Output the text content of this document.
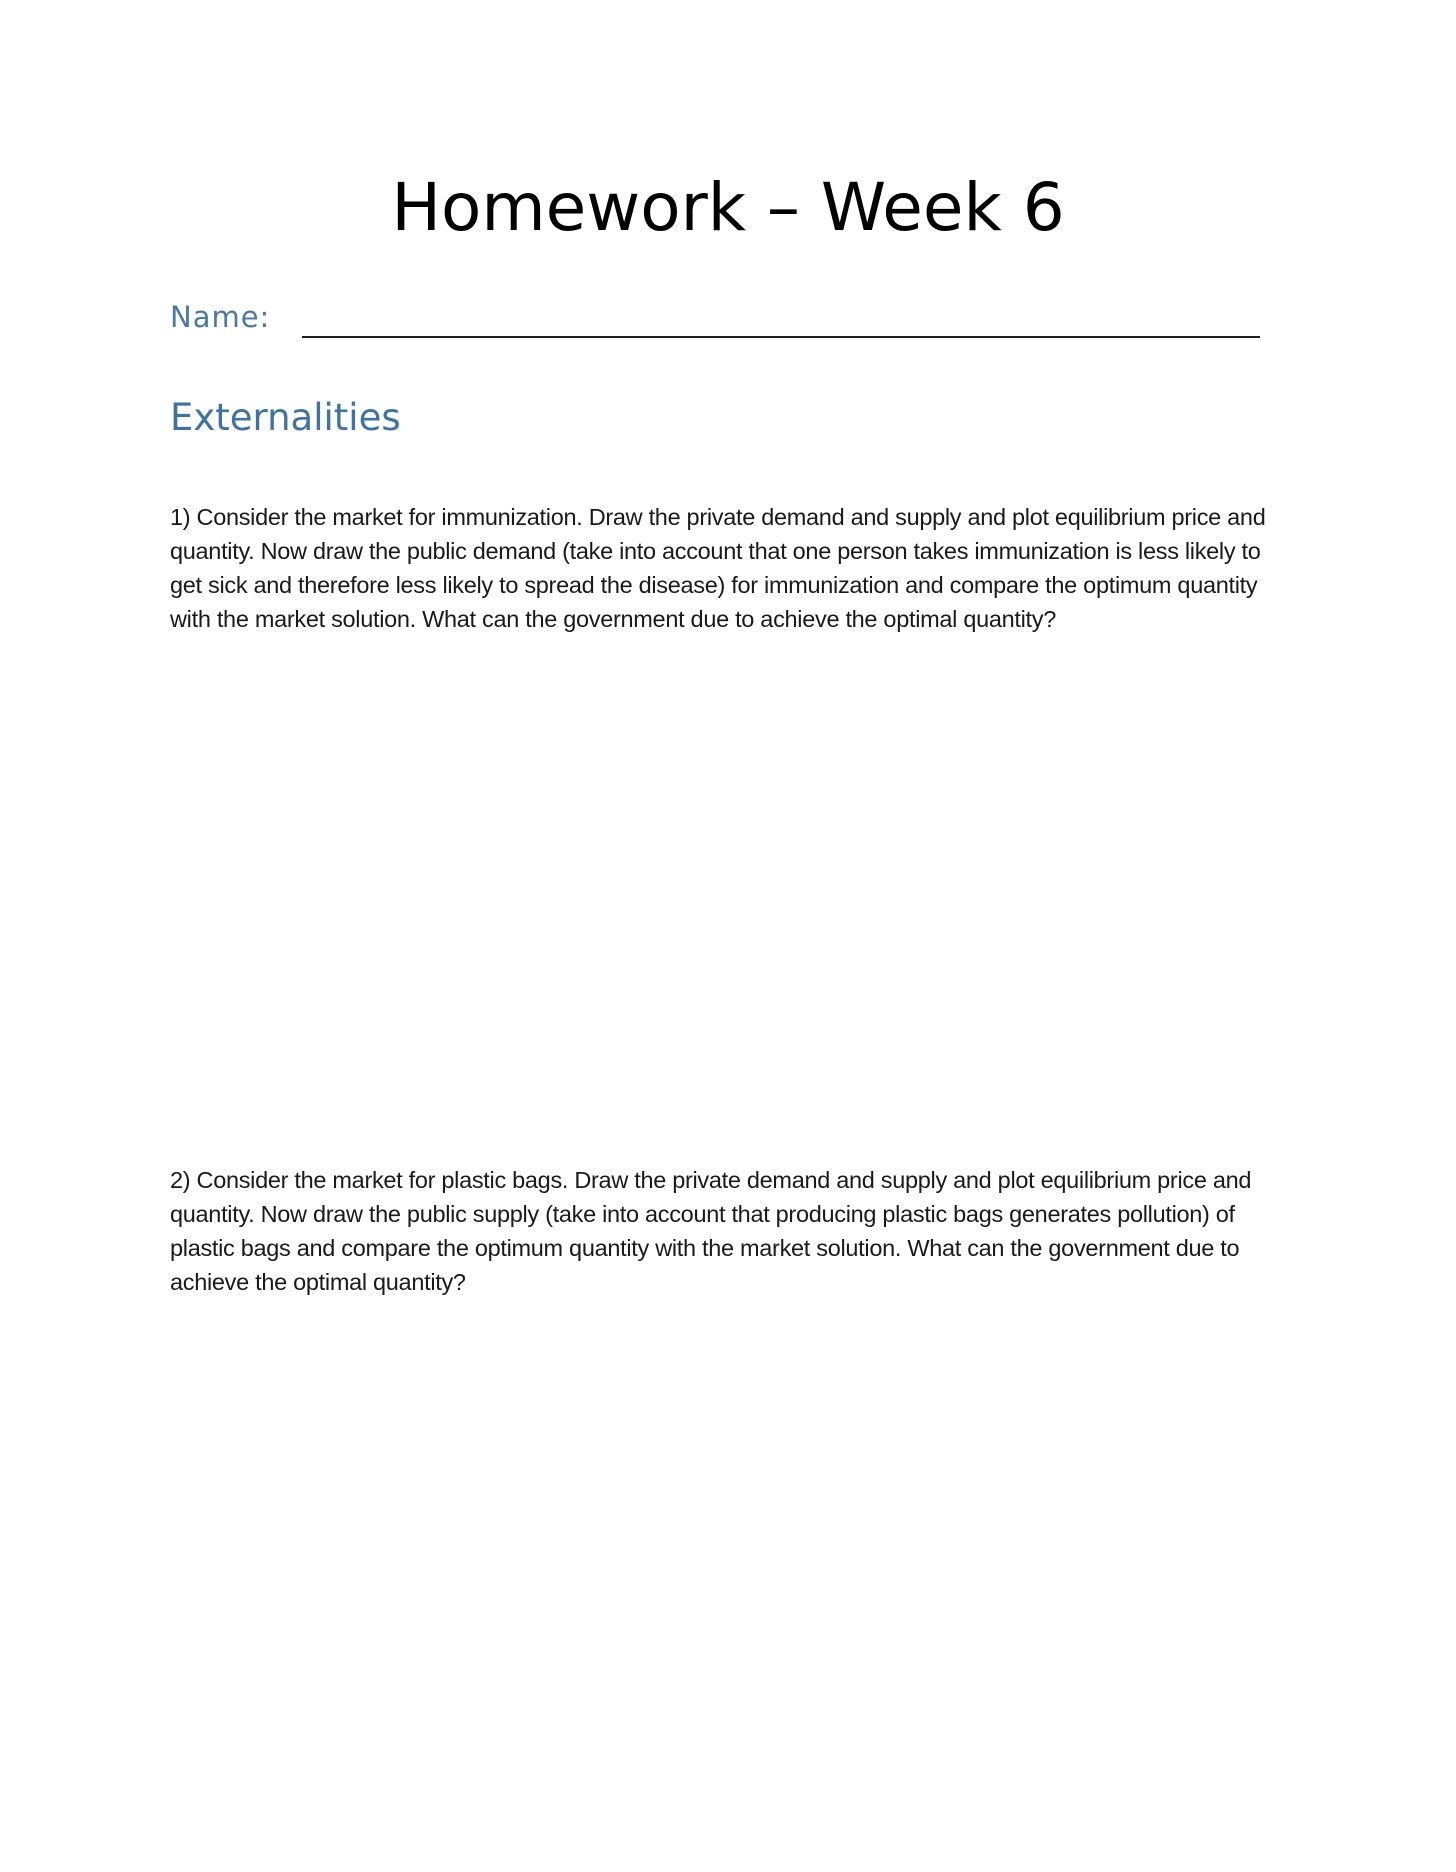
Homework – Week 6
Name:
Externalities

1) Consider the market for immunization. Draw the private demand and supply and plot equilibrium price and quantity. Now draw the public demand (take into account that one person takes immunization is less likely to get sick and therefore less likely to spread the disease) for immunization and compare the optimum quantity with the market solution. What can the government due to achieve the optimal quantity?

2) Consider the market for plastic bags. Draw the private demand and supply and plot equilibrium price and quantity. Now draw the public supply (take into account that producing plastic bags generates pollution) of plastic bags and compare the optimum quantity with the market solution. What can the government due to achieve the optimal quantity?
